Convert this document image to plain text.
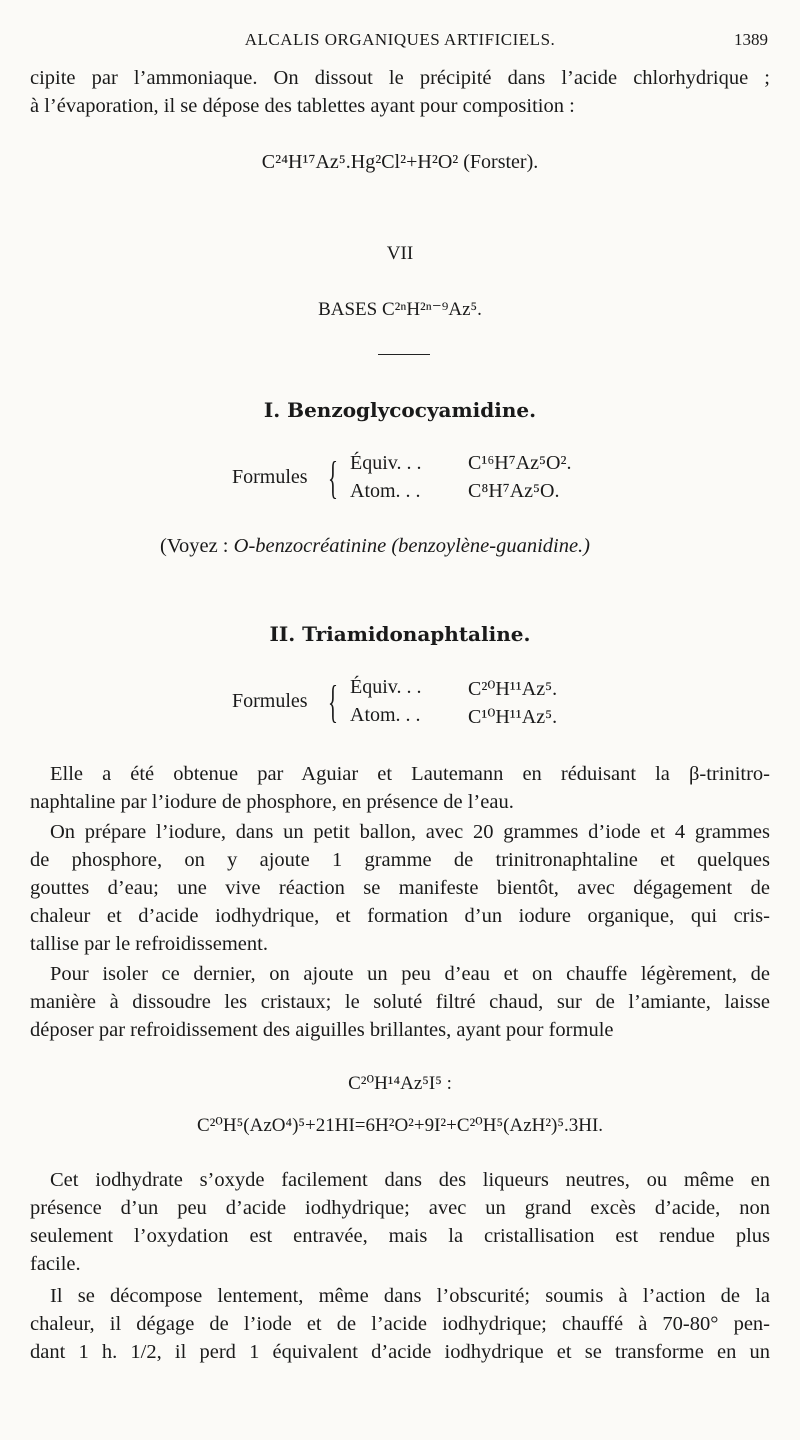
ALCALIS ORGANIQUES ARTIFICIELS.	1389
cipite par l’ammoniaque. On dissout le précipité dans l’acide chlorhydrique ;
à l’évaporation, il se dépose des tablettes ayant pour composition :
C²⁴H¹⁷Az⁵.Hg²Cl²+H²O² (Forster).
VII
BASES C²ⁿH²ⁿ⁻⁹Az⁵.
I. Benzoglycocyamidine.
Formules { Équiv. . . C¹⁶H⁷Az⁵O².
Atom. . . C⁸H⁷Az⁵O.
(Voyez : O-benzocréatinine (benzoylène-guanidine.)
II. Triamidonaphtaline.
Formules { Équiv. . . C²⁰H¹¹Az⁵.
Atom. . . C¹⁰H¹¹Az⁵.
Elle a été obtenue par Aguiar et Lautemann en réduisant la β-trinitro-
naphtaline par l’iodure de phosphore, en présence de l’eau.
On prépare l’iodure, dans un petit ballon, avec 20 grammes d’iode et 4 grammes
de phosphore, on y ajoute 1 gramme de trinitronaphtaline et quelques
gouttes d’eau; une vive réaction se manifeste bientôt, avec dégagement de
chaleur et d’acide iodhydrique, et formation d’un iodure organique, qui cris-
tallise par le refroidissement.
Pour isoler ce dernier, on ajoute un peu d’eau et on chauffe légèrement, de
manière à dissoudre les cristaux; le soluté filtré chaud, sur de l’amiante, laisse
déposer par refroidissement des aiguilles brillantes, ayant pour formule
C²⁰H¹⁴Az⁵I⁵ :
C²⁰H⁵(AzO⁴)⁵+21HI=6H²O²+9I²+C²⁰H⁵(AzH²)⁵.3HI.
Cet iodhydrate s’oxyde facilement dans des liqueurs neutres, ou même en
présence d’un peu d’acide iodhydrique; avec un grand excès d’acide, non
seulement l’oxydation est entravée, mais la cristallisation est rendue plus
facile.
Il se décompose lentement, même dans l’obscurité; soumis à l’action de la
chaleur, il dégage de l’iode et de l’acide iodhydrique; chauffé à 70-80° pen-
dant 1 h. 1/2, il perd 1 équivalent d’acide iodhydrique et se transforme en un
